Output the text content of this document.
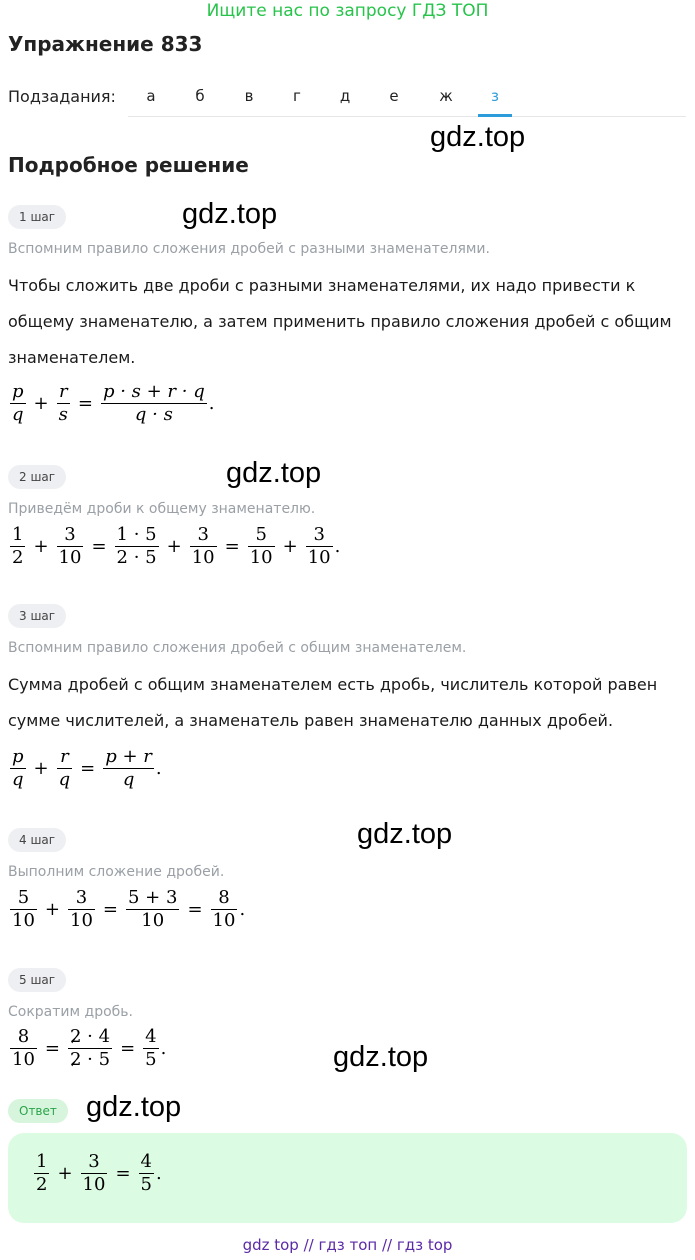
Ищите нас по запросу ГДЗ ТОП
Упражнение 833
Подзадания:	а	б	в	г	д	е	ж	з
gdz.top
Подробное решение
1 шаг	gdz.top
Вспомним правило сложения дробей с разными знаменателями.
Чтобы сложить две дроби с разными знаменателями, их надо привести к общему знаменателю, а затем применить правило сложения дробей с общим знаменателем.
$\frac{p}{q} + \frac{r}{s} = \frac{p \cdot s + r \cdot q}{q \cdot s}$ .
2 шаг	gdz.top
Приведём дроби к общему знаменателю.
$\frac{1}{2} + \frac{3}{10} = \frac{1 \cdot 5}{2 \cdot 5} + \frac{3}{10} = \frac{5}{10} + \frac{3}{10}$ .
3 шаг
Вспомним правило сложения дробей с общим знаменателем.
Сумма дробей с общим знаменателем есть дробь, числитель которой равен сумме числителей, а знаменатель равен знаменателю данных дробей.
$\frac{p}{q} + \frac{r}{q} = \frac{p + r}{q}$ .
4 шаг	gdz.top
Выполним сложение дробей.
$\frac{5}{10} + \frac{3}{10} = \frac{5 + 3}{10} = \frac{8}{10}$ .
5 шаг
Сократим дробь.
$\frac{8}{10} = \frac{2 \cdot 4}{2 \cdot 5} = \frac{4}{5}$ .	gdz.top
Ответ	gdz.top
$\frac{1}{2} + \frac{3}{10} = \frac{4}{5}$ .
gdz top // гдз топ // гдз top
